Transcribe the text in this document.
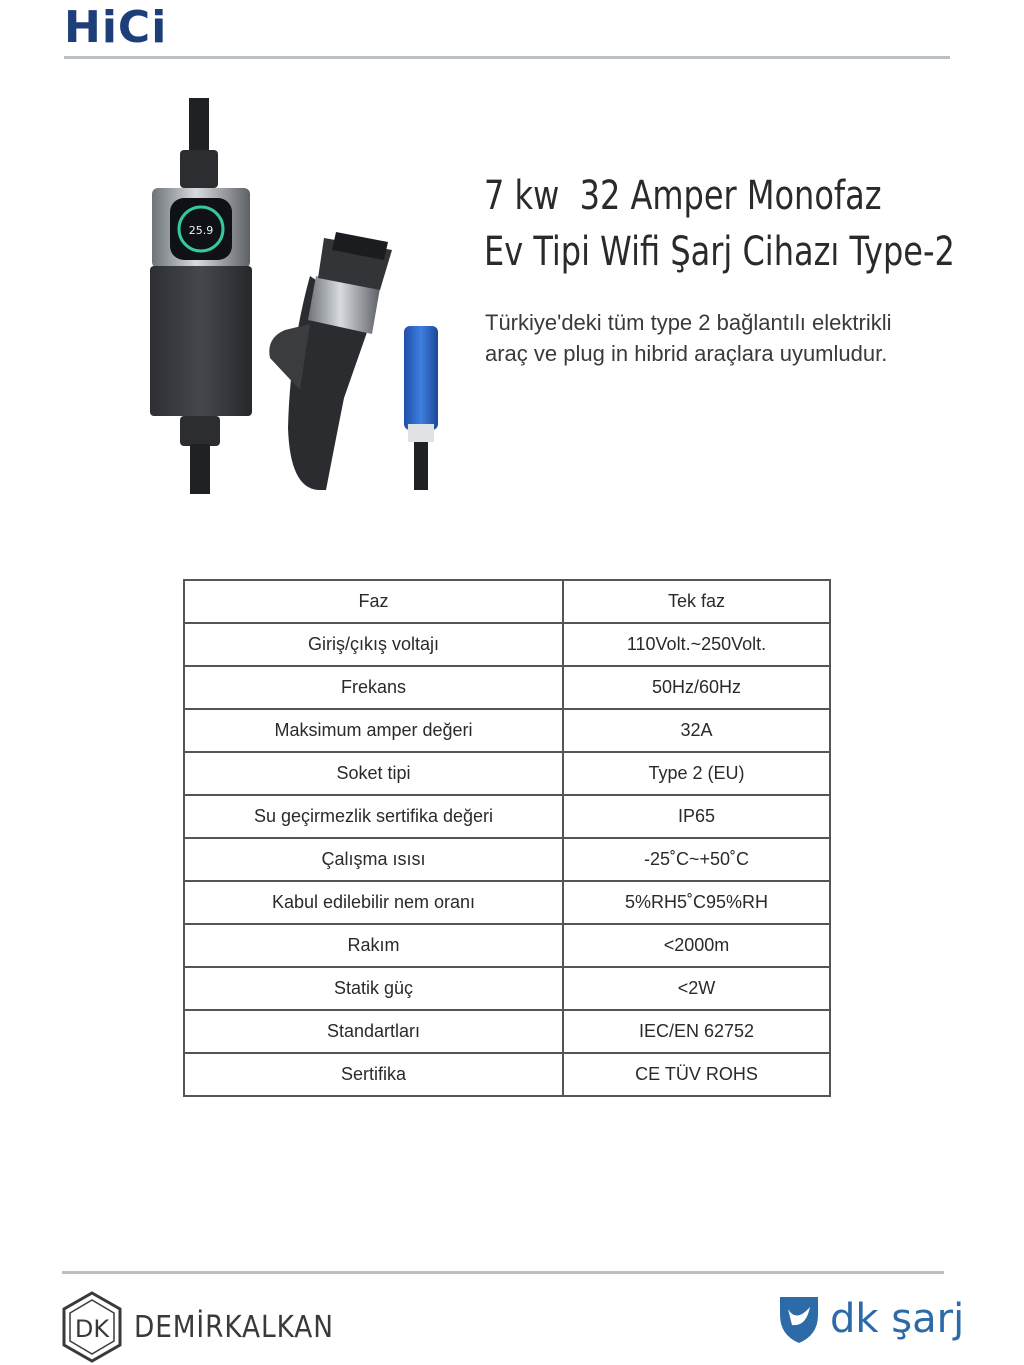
HiCi
25.9
7 kw  32 Amper Monofaz
Ev Tipi Wifi Şarj Cihazı Type-2

Türkiye'deki tüm type 2 bağlantılı elektrikli araç ve plug in hibrid araçlara uyumludur.

Faz	Tek faz
Giriş/çıkış voltajı	110Volt.~250Volt.
Frekans	50Hz/60Hz
Maksimum amper değeri	32A
Soket tipi	Type 2 (EU)
Su geçirmezlik sertifika değeri	IP65
Çalışma ısısı	-25˚C~+50˚C
Kabul edilebilir nem oranı	5%RH5˚C95%RH
Rakım	<2000m
Statik güç	<2W
Standartları	IEC/EN 62752
Sertifika	CE TÜV ROHS
DK DEMİRKALKAN	dk şarj
